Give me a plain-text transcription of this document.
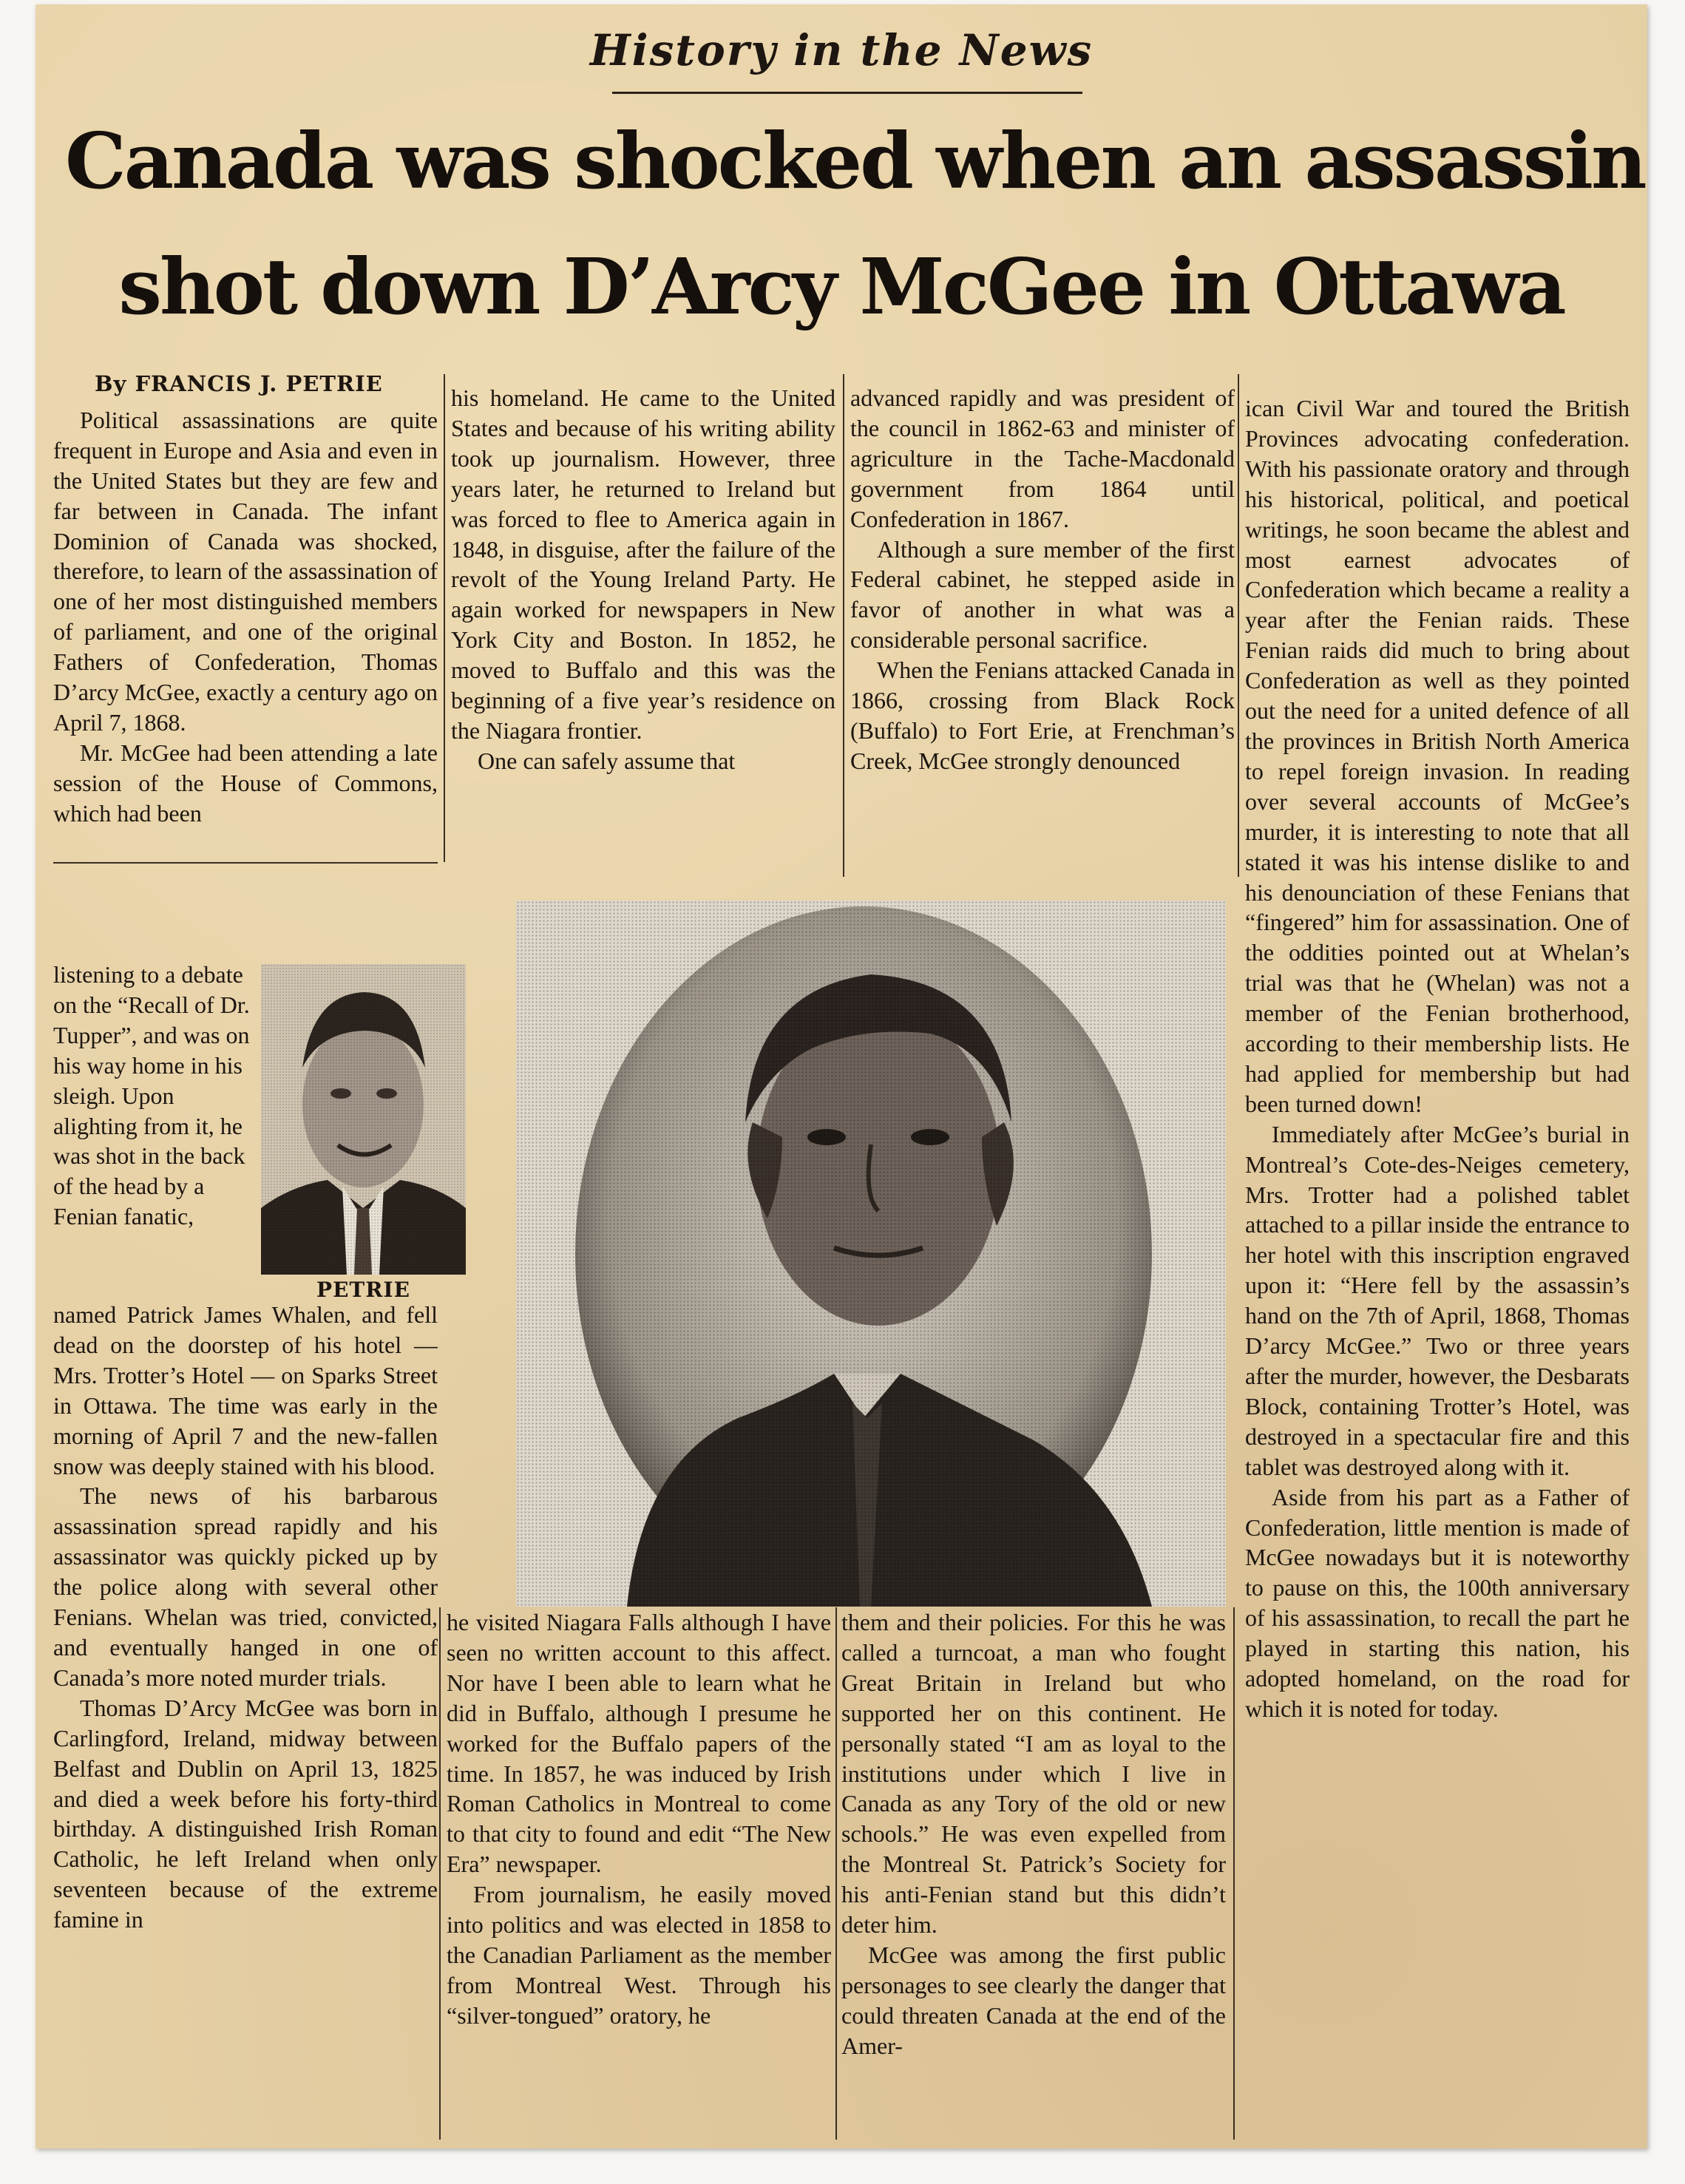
History in the News
Canada was shocked when an assassin
shot down D’Arcy McGee in Ottawa

By FRANCIS J. PETRIE

Political assassinations are quite frequent in Europe and Asia and even in the United States but they are few and far between in Canada. The infant Dominion of Canada was shocked, therefore, to learn of the assassination of one of her most distinguished members of parliament, and one of the original Fathers of Confederation, Thomas D’arcy McGee, exactly a century ago on April 7, 1868.

Mr. McGee had been attending a late session of the House of Commons, which had been

listening to a debate on the “Recall of Dr. Tupper”, and was on his way home in his sleigh. Upon alighting from it, he was shot in the back of the head by a Fenian fanatic,
PETRIE

named Patrick James Whalen, and fell dead on the doorstep of his hotel — Mrs. Trotter’s Hotel — on Sparks Street in Ottawa. The time was early in the morning of April 7 and the new-fallen snow was deeply stained with his blood.

The news of his barbarous assassination spread rapidly and his assassinator was quickly picked up by the police along with several other Fenians. Whelan was tried, convicted, and eventually hanged in one of Canada’s more noted murder trials.

Thomas D’Arcy McGee was born in Carlingford, Ireland, midway between Belfast and Dublin on April 13, 1825 and died a week before his forty-third birthday. A distinguished Irish Roman Catholic, he left Ireland when only seventeen because of the extreme famine in

his homeland. He came to the United States and because of his writing ability took up journalism. However, three years later, he returned to Ireland but was forced to flee to America again in 1848, in disguise, after the failure of the revolt of the Young Ireland Party. He again worked for newspapers in New York City and Boston. In 1852, he moved to Buffalo and this was the beginning of a five year’s residence on the Niagara frontier.

One can safely assume that

advanced rapidly and was president of the council in 1862-63 and minister of agriculture in the Tache-Macdonald government from 1864 until Confederation in 1867.

Although a sure member of the first Federal cabinet, he stepped aside in favor of another in what was a considerable personal sacrifice.

When the Fenians attacked Canada in 1866, crossing from Black Rock (Buffalo) to Fort Erie, at Frenchman’s Creek, McGee strongly denounced

ican Civil War and toured the British Provinces advocating confederation. With his passionate oratory and through his historical, political, and poetical writings, he soon became the ablest and most earnest advocates of Confederation which became a reality a year after the Fenian raids. These Fenian raids did much to bring about Confederation as well as they pointed out the need for a united defence of all the provinces in British North America to repel foreign invasion. In reading over several accounts of McGee’s murder, it is interesting to note that all stated it was his intense dislike to and his denounciation of these Fenians that “fingered” him for assassination. One of the oddities pointed out at Whelan’s trial was that he (Whelan) was not a member of the Fenian brotherhood, according to their membership lists. He had applied for membership but had been turned down!

Immediately after McGee’s burial in Montreal’s Cote-des-Neiges cemetery, Mrs. Trotter had a polished tablet attached to a pillar inside the entrance to her hotel with this inscription engraved upon it: “Here fell by the assassin’s hand on the 7th of April, 1868, Thomas D’arcy McGee.” Two or three years after the murder, however, the Desbarats Block, containing Trotter’s Hotel, was destroyed in a spectacular fire and this tablet was destroyed along with it.

Aside from his part as a Father of Confederation, little mention is made of McGee nowadays but it is noteworthy to pause on this, the 100th anniversary of his assassination, to recall the part he played in starting this nation, his adopted homeland, on the road for which it is noted for today.

he visited Niagara Falls although I have seen no written account to this affect. Nor have I been able to learn what he did in Buffalo, although I presume he worked for the Buffalo papers of the time. In 1857, he was induced by Irish Roman Catholics in Montreal to come to that city to found and edit “The New Era” newspaper.

From journalism, he easily moved into politics and was elected in 1858 to the Canadian Parliament as the member from Montreal West. Through his “silver-tongued” oratory, he

them and their policies. For this he was called a turncoat, a man who fought Great Britain in Ireland but who supported her on this continent. He personally stated “I am as loyal to the institutions under which I live in Canada as any Tory of the old or new schools.” He was even expelled from the Montreal St. Patrick’s Society for his anti-Fenian stand but this didn’t deter him.

McGee was among the first public personages to see clearly the danger that could threaten Canada at the end of the Amer-
